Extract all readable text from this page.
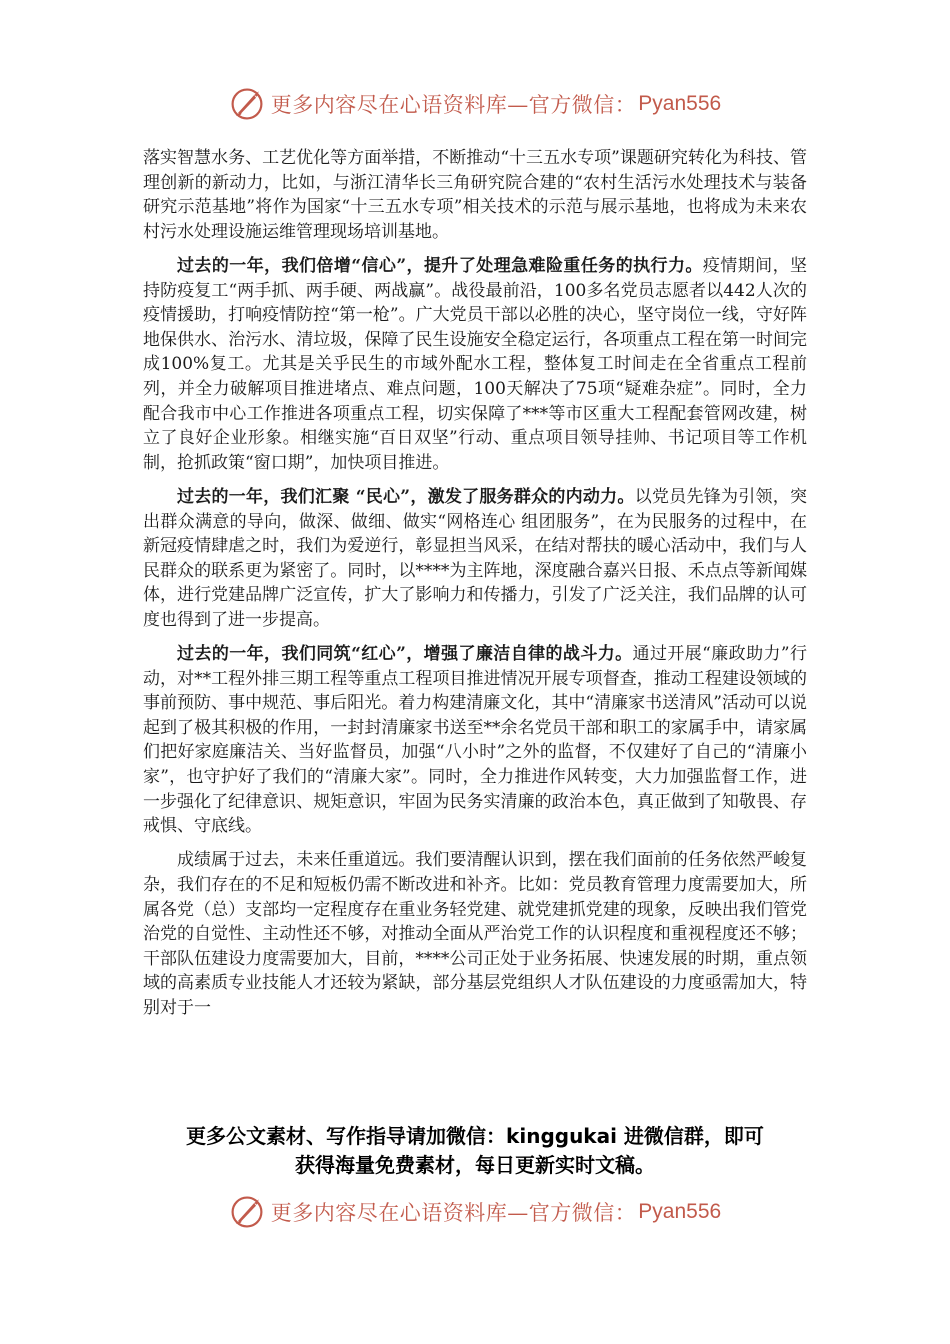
更多内容尽在心语资料库—官方微信： Pyan556

落实智慧水务、工艺优化等方面举措，不断推动“十三五水专项”课题研究转化为科技、管理创新的新动力，比如，与浙江清华长三角研究院合建的“农村生活污水处理技术与装备研究示范基地”将作为国家“十三五水专项”相关技术的示范与展示基地，也将成为未来农村污水处理设施运维管理现场培训基地。

过去的一年，我们倍增“信心”，提升了处理急难险重任务的执行力。疫情期间，坚持防疫复工“两手抓、两手硬、两战赢”。战役最前沿，100多名党员志愿者以442人次的疫情援助，打响疫情防控“第一枪”。广大党员干部以必胜的决心，坚守岗位一线，守好阵地保供水、治污水、清垃圾，保障了民生设施安全稳定运行，各项重点工程在第一时间完成100%复工。尤其是关乎民生的市域外配水工程，整体复工时间走在全省重点工程前列，并全力破解项目推进堵点、难点问题，100天解决了75项“疑难杂症”。同时，全力配合我市中心工作推进各项重点工程，切实保障了***等市区重大工程配套管网改建，树立了良好企业形象。相继实施“百日双坚”行动、重点项目领导挂帅、书记项目等工作机制，抢抓政策“窗口期”，加快项目推进。

过去的一年，我们汇聚 “民心”，激发了服务群众的内动力。以党员先锋为引领，突出群众满意的导向，做深、做细、做实“网格连心 组团服务”，在为民服务的过程中，在新冠疫情肆虐之时，我们为爱逆行，彰显担当风采，在结对帮扶的暖心活动中，我们与人民群众的联系更为紧密了。同时，以****为主阵地，深度融合嘉兴日报、禾点点等新闻媒体，进行党建品牌广泛宣传，扩大了影响力和传播力，引发了广泛关注，我们品牌的认可度也得到了进一步提高。

过去的一年，我们同筑“红心”，增强了廉洁自律的战斗力。通过开展“廉政助力”行动，对**工程外排三期工程等重点工程项目推进情况开展专项督查，推动工程建设领域的事前预防、事中规范、事后阳光。着力构建清廉文化，其中“清廉家书送清风”活动可以说起到了极其积极的作用，一封封清廉家书送至**余名党员干部和职工的家属手中，请家属们把好家庭廉洁关、当好监督员，加强“八小时”之外的监督，不仅建好了自己的“清廉小家”，也守护好了我们的“清廉大家”。同时，全力推进作风转变，大力加强监督工作，进一步强化了纪律意识、规矩意识，牢固为民务实清廉的政治本色，真正做到了知敬畏、存戒惧、守底线。

成绩属于过去，未来任重道远。我们要清醒认识到，摆在我们面前的任务依然严峻复杂，我们存在的不足和短板仍需不断改进和补齐。比如：党员教育管理力度需要加大，所属各党（总）支部均一定程度存在重业务轻党建、就党建抓党建的现象，反映出我们管党治党的自觉性、主动性还不够，对推动全面从严治党工作的认识程度和重视程度还不够；干部队伍建设力度需要加大，目前，****公司正处于业务拓展、快速发展的时期，重点领域的高素质专业技能人才还较为紧缺，部分基层党组织人才队伍建设的力度亟需加大，特别对于一

更多公文素材、写作指导请加微信：kinggukai 进微信群，即可
获得海量免费素材，每日更新实时文稿。
更多内容尽在心语资料库—官方微信： Pyan556
